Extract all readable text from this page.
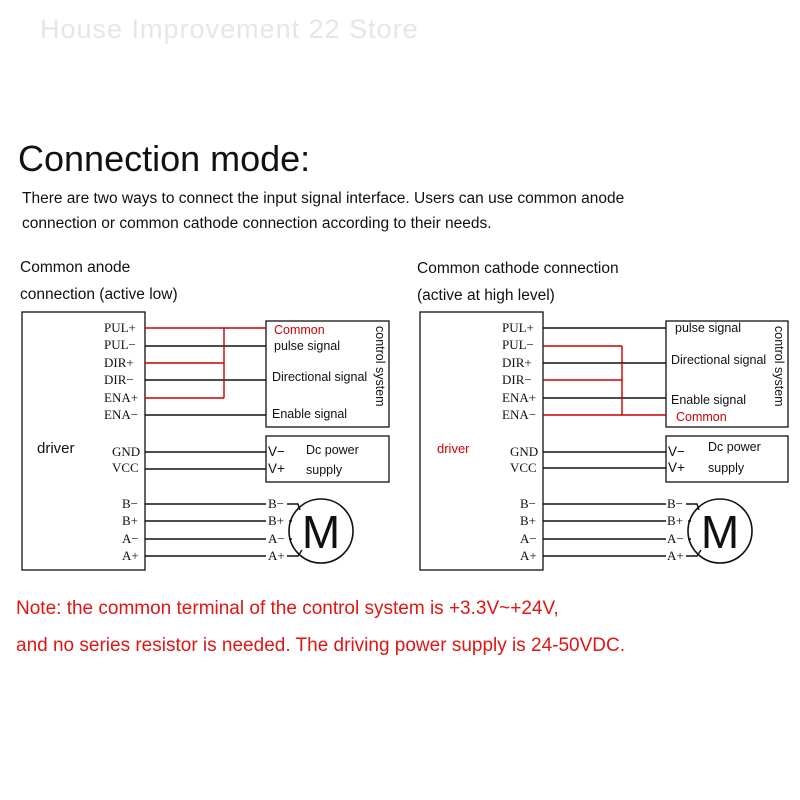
House Improvement 22 Store
Connection mode:
There are two ways to connect the input signal interface. Users can use common anode
connection or common cathode connection according to their needs.
Common anode
connection (active low)
Common cathode connection
(active at high level)
driver
PUL+
PUL−
DIR+
DIR−
ENA+
ENA−
GND
VCC
B−
B+
A−
A+
Common
pulse signal
Directional signal
Enable signal
control system
V−
V+
Dc power
supply
B−
B+
A−
A+ M
driver
PUL+
PUL−
DIR+
DIR−
ENA+
ENA−
GND
VCC
B−
B+
A−
A+
pulse signal
Directional signal
Enable signal
Common
control system
V−
V+
Dc power
supply
B−
B+
A−
A+ M
Note: the common terminal of the control system is +3.3V~+24V,
and no series resistor is needed. The driving power supply is 24-50VDC.
